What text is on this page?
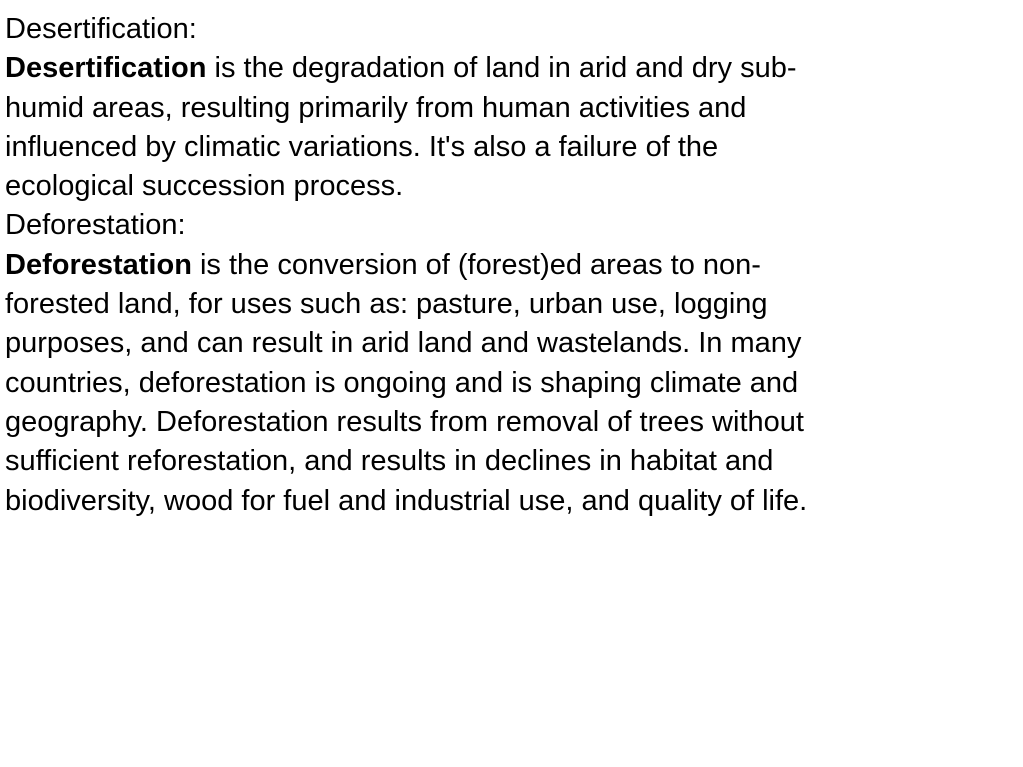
Desertification:
Desertification is the degradation of land in arid and dry sub-
humid areas, resulting primarily from human activities and
influenced by climatic variations. It's also a failure of the
ecological succession process.
Deforestation:
Deforestation is the conversion of (forest)ed areas to non-
forested land, for uses such as: pasture, urban use, logging
purposes, and can result in arid land and wastelands. In many
countries, deforestation is ongoing and is shaping climate and
geography. Deforestation results from removal of trees without
sufficient reforestation, and results in declines in habitat and
biodiversity, wood for fuel and industrial use, and quality of life.
